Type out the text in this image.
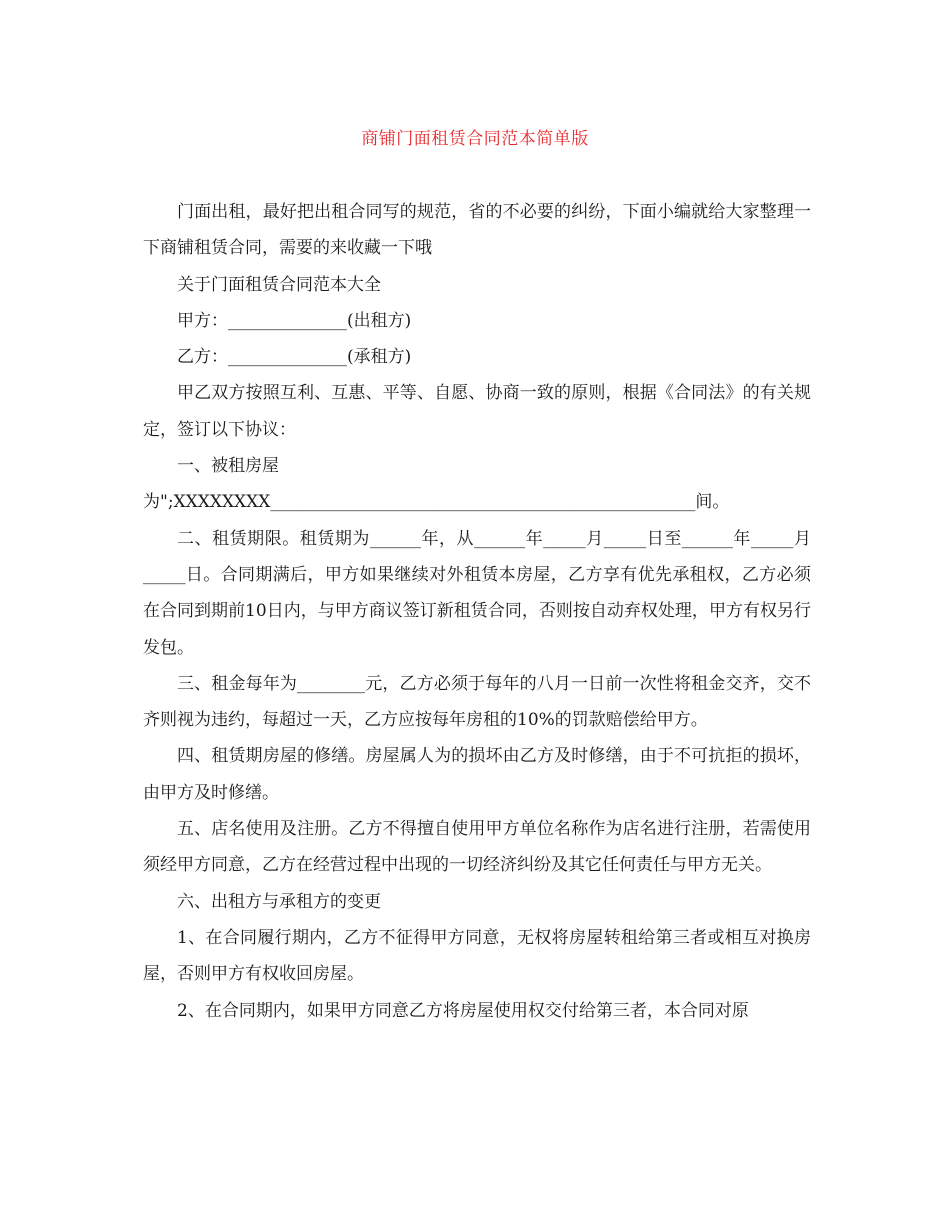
商铺门面租赁合同范本简单版

门面出租，最好把出租合同写的规范，省的不必要的纠纷，下面小编就给大家整理一下商铺租赁合同，需要的来收藏一下哦

关于门面租赁合同范本大全

甲方：______________(出租方)

乙方：______________(承租方)

甲乙双方按照互利、互惠、平等、自愿、协商一致的原则，根据《合同法》的有关规定，签订以下协议：

一、被租房屋

为";XXXXXXXX__________________________________________________间。

二、租赁期限。租赁期为______年，从______年_____月_____日至______年_____月_____日。合同期满后，甲方如果继续对外租赁本房屋，乙方享有优先承租权，乙方必须在合同到期前10日内，与甲方商议签订新租赁合同，否则按自动弃权处理，甲方有权另行发包。

三、租金每年为________元，乙方必须于每年的八月一日前一次性将租金交齐，交不齐则视为违约，每超过一天，乙方应按每年房租的10%的罚款赔偿给甲方。

四、租赁期房屋的修缮。房屋属人为的损坏由乙方及时修缮，由于不可抗拒的损坏，由甲方及时修缮。

五、店名使用及注册。乙方不得擅自使用甲方单位名称作为店名进行注册，若需使用须经甲方同意，乙方在经营过程中出现的一切经济纠纷及其它任何责任与甲方无关。

六、出租方与承租方的变更

1、在合同履行期内，乙方不征得甲方同意，无权将房屋转租给第三者或相互对换房屋，否则甲方有权收回房屋。

2、在合同期内，如果甲方同意乙方将房屋使用权交付给第三者，本合同对原
